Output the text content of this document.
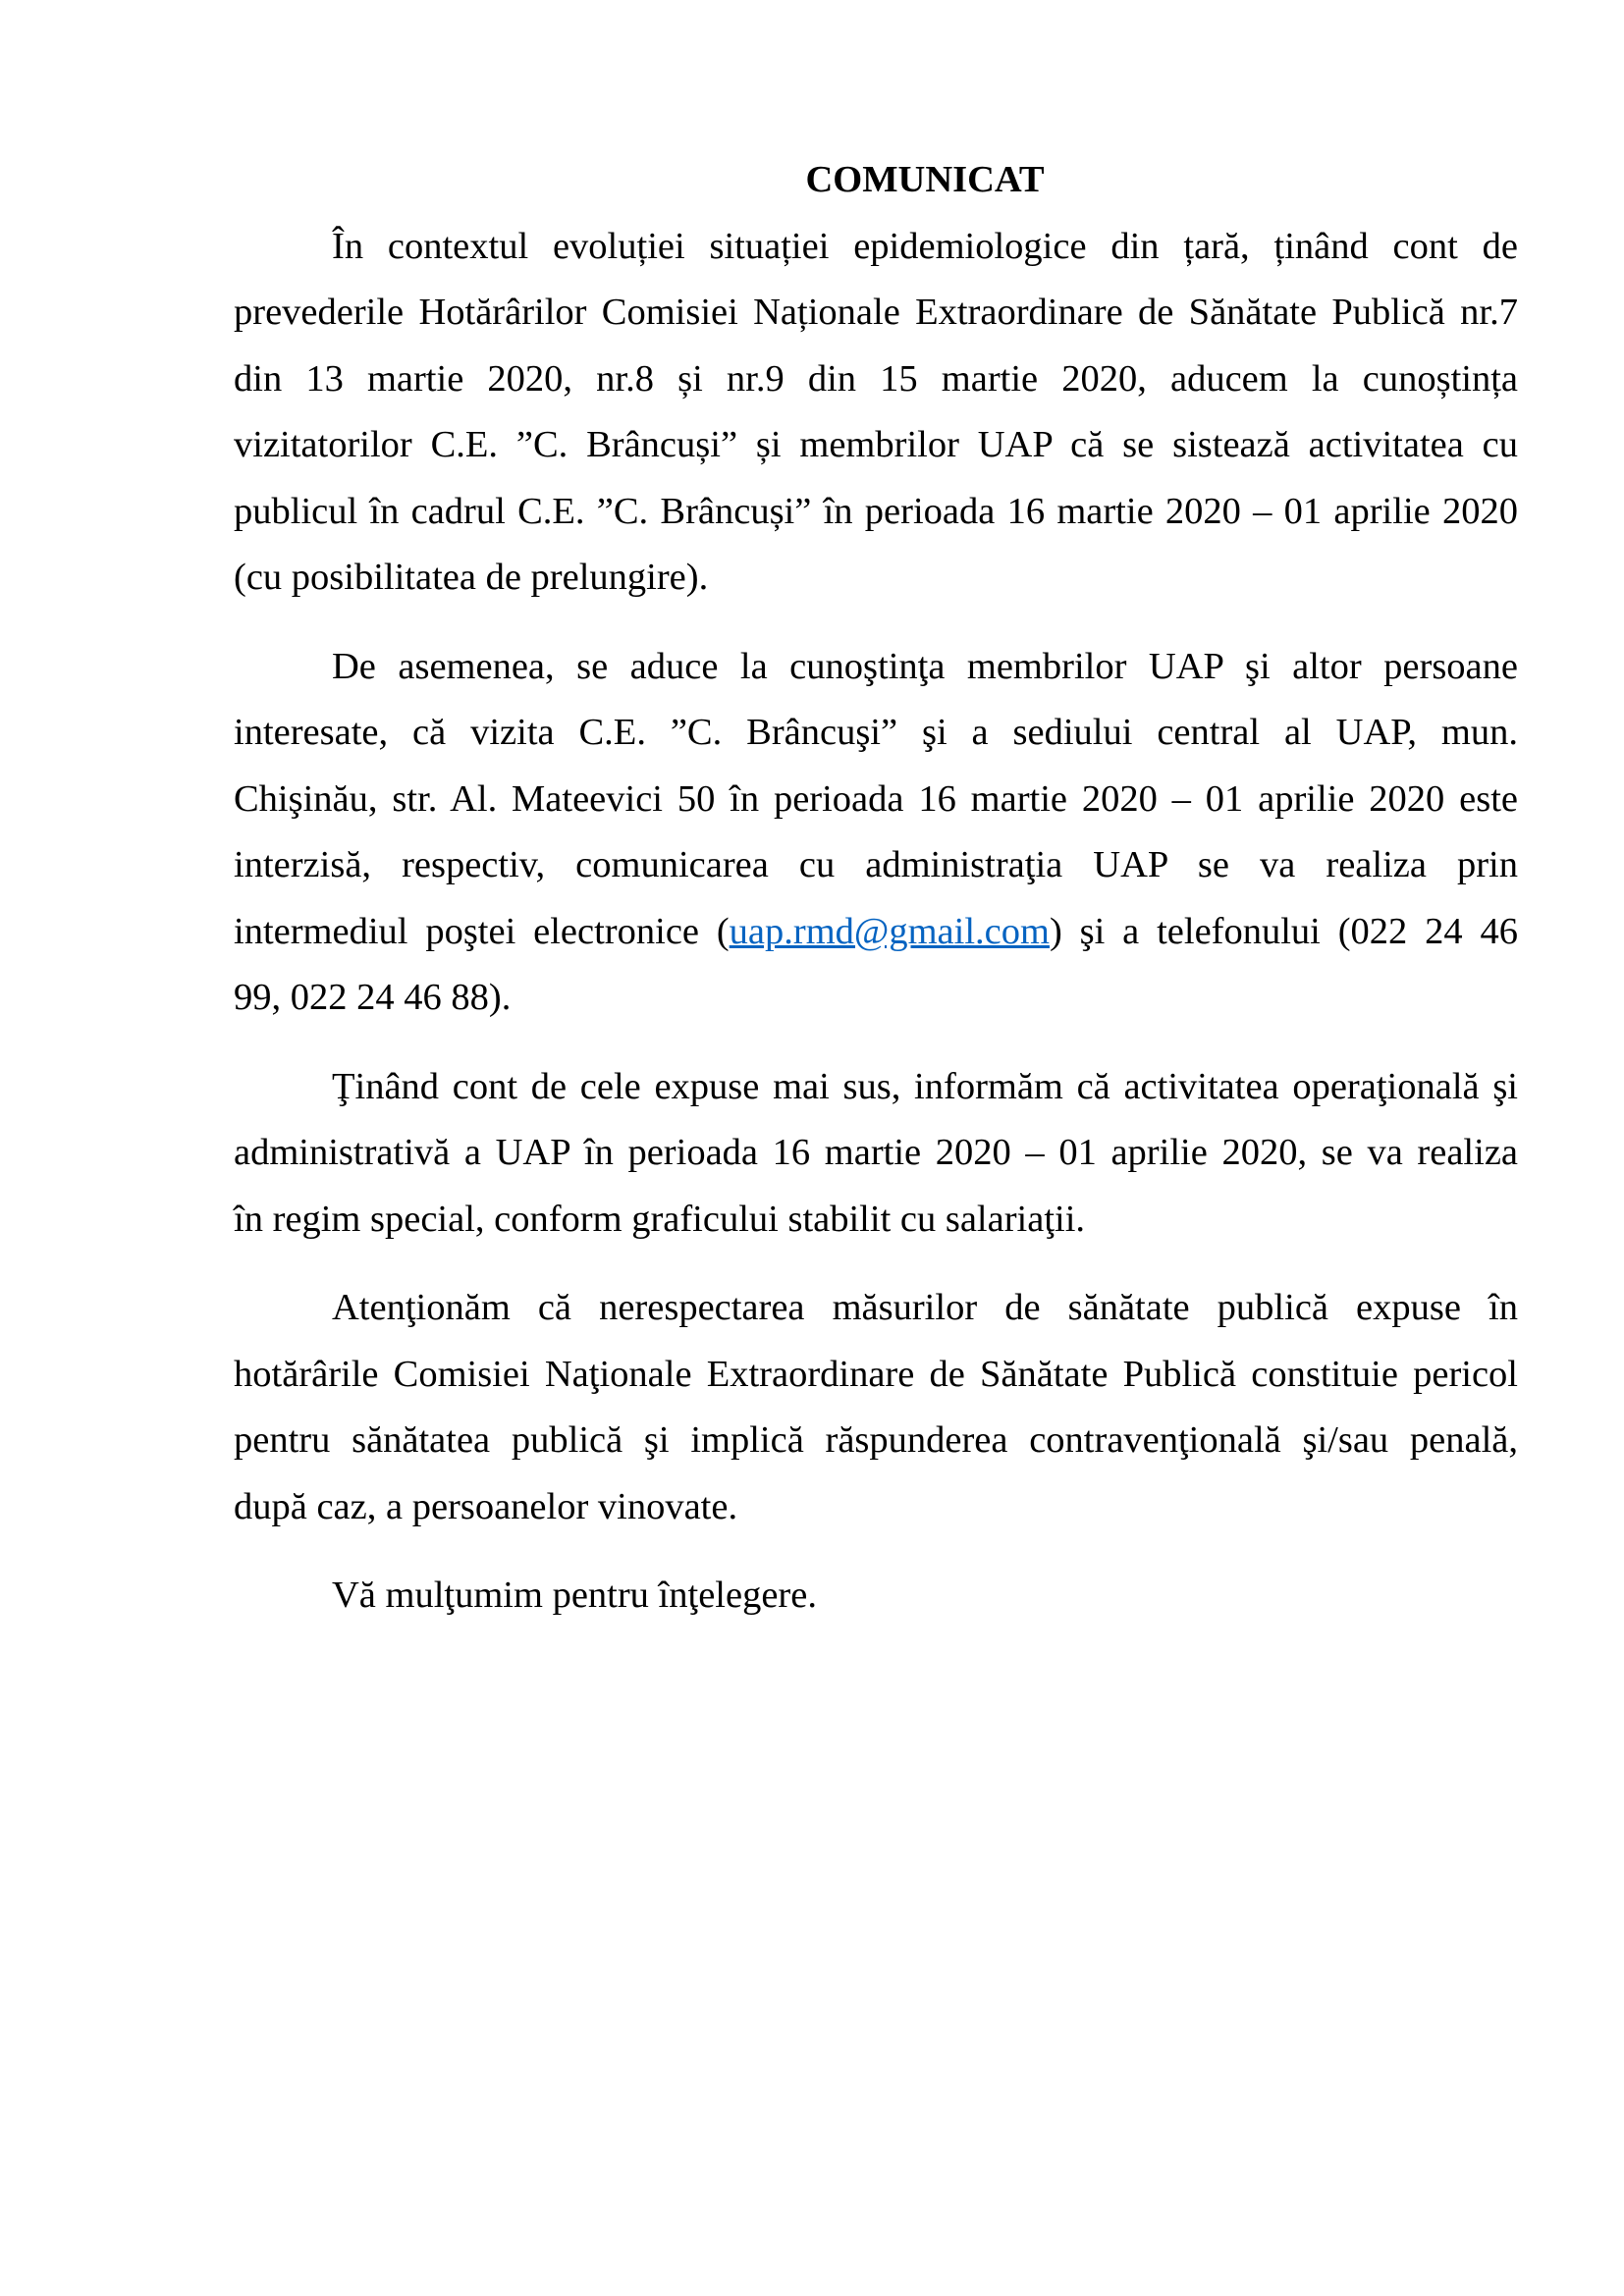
COMUNICAT
În contextul evoluției situației epidemiologice din țară, ținând cont de
prevederile Hotărârilor Comisiei Naționale Extraordinare de Sănătate Publică nr.7
din 13 martie 2020, nr.8 și nr.9 din 15 martie 2020, aducem la cunoștința
vizitatorilor C.E. ”C. Brâncuși” și membrilor UAP că se sistează activitatea cu
publicul în cadrul C.E. ”C. Brâncuși” în perioada 16 martie 2020 – 01 aprilie 2020
(cu posibilitatea de prelungire).
De asemenea, se aduce la cunoştinţa membrilor UAP şi altor persoane
interesate, că vizita C.E. ”C. Brâncuşi” şi a sediului central al UAP, mun.
Chişinău, str. Al. Mateevici 50 în perioada 16 martie 2020 – 01 aprilie 2020 este
interzisă, respectiv, comunicarea cu administraţia UAP se va realiza prin
intermediul poştei electronice (uap.rmd@gmail.com) şi a telefonului (022 24 46
99, 022 24 46 88).
Ţinând cont de cele expuse mai sus, informăm că activitatea operaţională şi
administrativă a UAP în perioada 16 martie 2020 – 01 aprilie 2020, se va realiza
în regim special, conform graficului stabilit cu salariaţii.
Atenţionăm că nerespectarea măsurilor de sănătate publică expuse în
hotărârile Comisiei Naţionale Extraordinare de Sănătate Publică constituie pericol
pentru sănătatea publică şi implică răspunderea contravenţională şi/sau penală,
după caz, a persoanelor vinovate.
Vă mulţumim pentru înţelegere.
